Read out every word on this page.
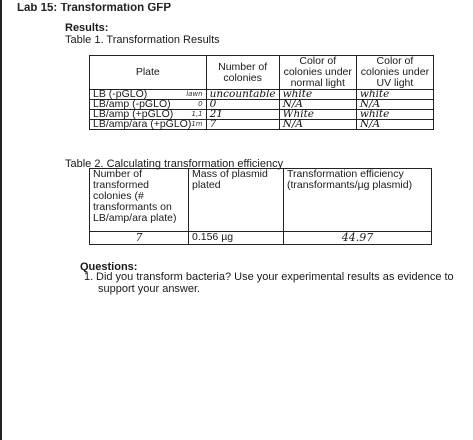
Lab 15: Transformation GFP
Results:
Table 1. Transformation Results
Plate	Number of colonies	Color of colonies under normal light	Color of colonies under UV light

LB (-pGLO) lawn	uncountable	white	white

LB/amp (-pGLO) 0	0	N/A	N/A

LB/amp (+pGLO) 1,1	21	White	white

LB/amp/ara (+pGLO) 1m	7	N/A	N/A
Table 2. Calculating transformation efficiency
Number of transformed colonies (# transformants on LB/amp/ara plate)	Mass of plasmid plated	Transformation efficiency (transformants/µg plasmid)
7	0.156 µg	44.97
Questions:
1. Did you transform bacteria? Use your experimental results as evidence to
support your answer.
